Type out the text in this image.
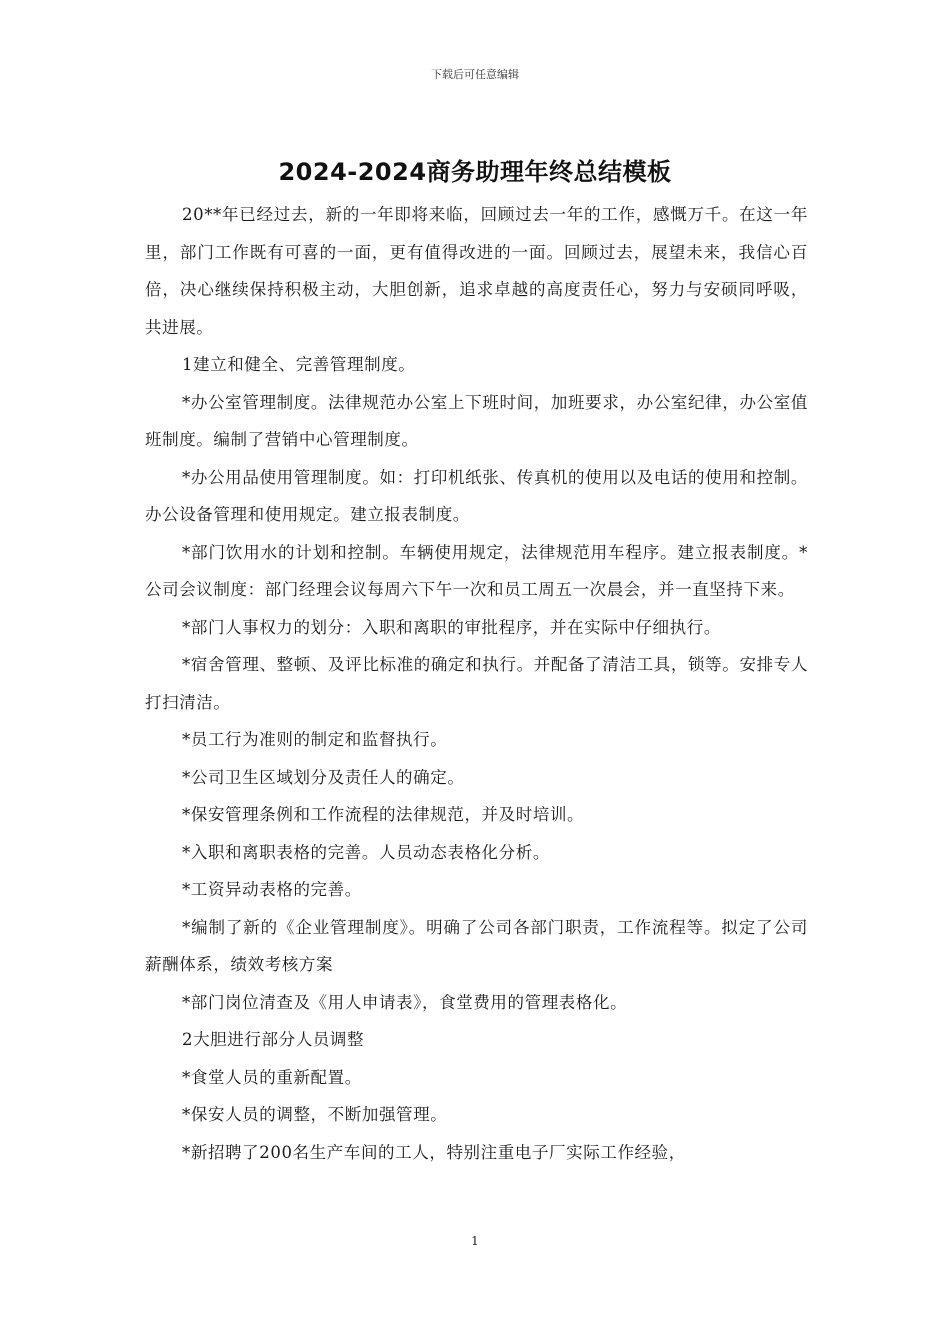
下载后可任意编辑
2024-2024商务助理年终总结模板

20**年已经过去，新的一年即将来临，回顾过去一年的工作，感慨万千。在这一年里，部门工作既有可喜的一面，更有值得改进的一面。回顾过去，展望未来，我信心百倍，决心继续保持积极主动，大胆创新，追求卓越的高度责任心，努力与安硕同呼吸，共进展。

1建立和健全、完善管理制度。

*办公室管理制度。法律规范办公室上下班时间，加班要求，办公室纪律，办公室值班制度。编制了营销中心管理制度。

*办公用品使用管理制度。如：打印机纸张、传真机的使用以及电话的使用和控制。办公设备管理和使用规定。建立报表制度。

*部门饮用水的计划和控制。车辆使用规定，法律规范用车程序。建立报表制度。*公司会议制度：部门经理会议每周六下午一次和员工周五一次晨会，并一直坚持下来。

*部门人事权力的划分：入职和离职的审批程序，并在实际中仔细执行。

*宿舍管理、整顿、及评比标准的确定和执行。并配备了清洁工具，锁等。安排专人打扫清洁。

*员工行为准则的制定和监督执行。

*公司卫生区域划分及责任人的确定。

*保安管理条例和工作流程的法律规范，并及时培训。

*入职和离职表格的完善。人员动态表格化分析。

*工资异动表格的完善。

*编制了新的《企业管理制度》。明确了公司各部门职责，工作流程等。拟定了公司薪酬体系，绩效考核方案

*部门岗位清查及《用人申请表》，食堂费用的管理表格化。

2大胆进行部分人员调整

*食堂人员的重新配置。

*保安人员的调整，不断加强管理。

*新招聘了200名生产车间的工人，特别注重电子厂实际工作经验，

1
